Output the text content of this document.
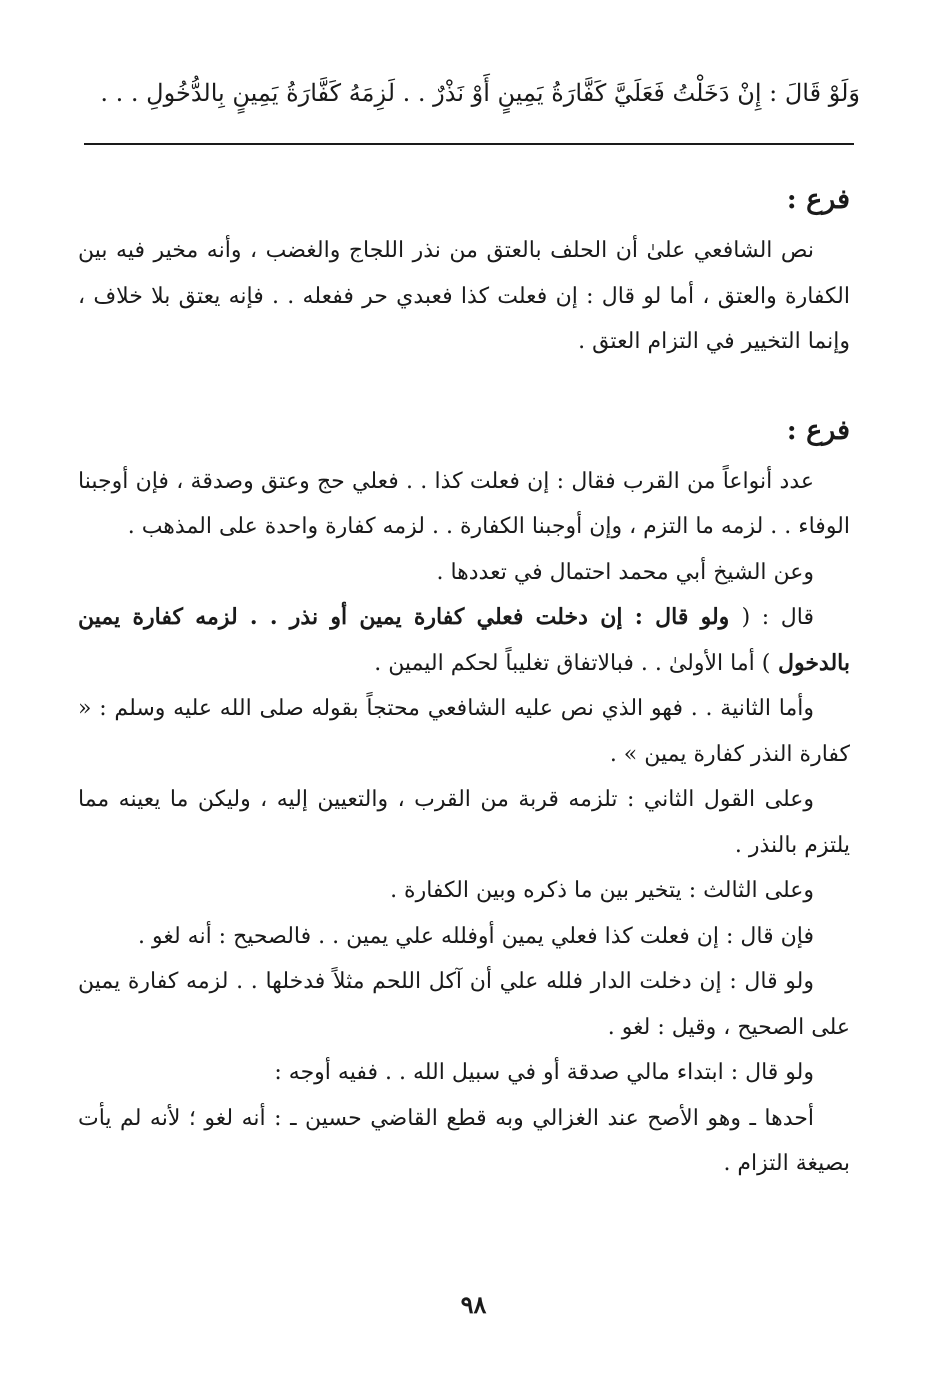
وَلَوْ قَالَ : إِنْ دَخَلْتُ فَعَلَيَّ كَفَّارَةُ يَمِينٍ أَوْ نَذْرٌ . . لَزِمَهُ كَفَّارَةُ يَمِينٍ بِالدُّخُولِ . . .

فرع :

نص الشافعي علىٰ أن الحلف بالعتق من نذر اللجاج والغضب ، وأنه مخير فيه بين الكفارة والعتق ، أما لو قال : إن فعلت كذا فعبدي حر ففعله . . فإنه يعتق بلا خلاف ، وإنما التخيير في التزام العتق .

فرع :

عدد أنواعاً من القرب فقال : إن فعلت كذا . . فعلي حج وعتق وصدقة ، فإن أوجبنا الوفاء . . لزمه ما التزم ، وإن أوجبنا الكفارة . . لزمه كفارة واحدة على المذهب .

وعن الشيخ أبي محمد احتمال في تعددها .

قال : ( ولو قال : إن دخلت فعلي كفارة يمين أو نذر . . لزمه كفارة يمين بالدخول ) أما الأولىٰ . . فبالاتفاق تغليباً لحكم اليمين .

وأما الثانية . . فهو الذي نص عليه الشافعي محتجاً بقوله صلى الله عليه وسلم : « كفارة النذر كفارة يمين » .

وعلى القول الثاني : تلزمه قربة من القرب ، والتعيين إليه ، وليكن ما يعينه مما يلتزم بالنذر .

وعلى الثالث : يتخير بين ما ذكره وبين الكفارة .

فإن قال : إن فعلت كذا فعلي يمين أوفلله علي يمين . . فالصحيح : أنه لغو .

ولو قال : إن دخلت الدار فلله علي أن آكل اللحم مثلاً فدخلها . . لزمه كفارة يمين على الصحيح ، وقيل : لغو .

ولو قال : ابتداء مالي صدقة أو في سبيل الله . . ففيه أوجه :

أحدها ـ وهو الأصح عند الغزالي وبه قطع القاضي حسين ـ : أنه لغو ؛ لأنه لم يأت بصيغة التزام .

٩٨
